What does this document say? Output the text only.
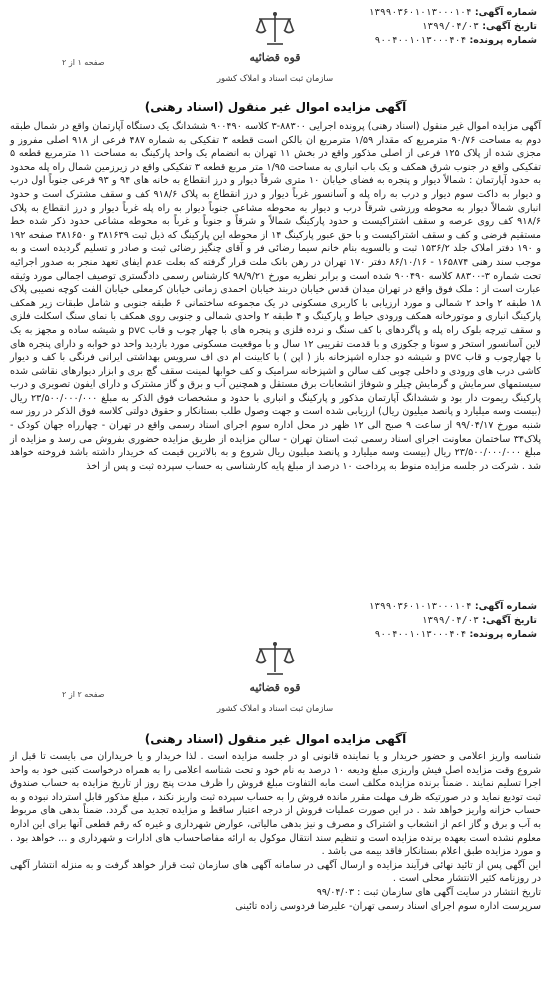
شماره آگهی: ۱۳۹۹۰۳۶۰۱۰۱۳۰۰۰۱۰۴
تاریخ آگهی: ۱۳۹۹/۰۴/۰۳
شماره پرونده: ۹۰۰۴۰۰۱۰۱۳۰۰۰۴۰۴
قوه قضائیه
سازمان ثبت اسناد و املاک کشور
صفحه ۱ از ۲
آگهی مزایده اموال غیر منقول (اسناد رهنی)

آگهی مزایده اموال غیر منقول (اسناد رهنی) پرونده اجرایی ۸۸۳۰۰-۳ کلاسه ۹۰۰۴۹۰ ششدانگ یک دستگاه آپارتمان واقع در شمال طبقه دوم به مساحت ۹۰/۷۶ مترمربع که مقدار ۱/۵۹ مترمربع ان بالکن است قطعه ۳ تفکیکی به شماره ۴۸۷ فرعی از ۹۱۸ اصلی مفروز و مجزی شده از پلاک ۱۲۵ فرعی از اصلی مذکور واقع در بخش ۱۱ تهران به انضمام یک واحد پارکینگ به مساحت ۱۱ مترمربع قطعه ۵ تفکیکی واقع در جنوب شرق همکف و یک باب انباری به مساحت ۱/۹۵ متر مربع قطعه ۳ تفکیکی واقع در زیرزمین شمال راه پله محدود به حدود آپارتمان : شمالاً دیوار و پنجره به فضای خیابان ۱۰ متری شرقاً دیوار و درز انقطاع به خانه های ۹۴ و ۹۳ فرعی جنوباً اول درب و دیوار به داکت سوم دیوار و درب به راه پله و آسانسور غرباً دیوار و درز انقطاع به پلاک ۹۱۸/۶ کف و سقف مشترک است و حدود انباری شمالاً دیوار به محوطه ورزشی شرقاً درب و دیوار به محوطه مشاعی جنوباً دیوار به راه پله غرباً دیوار و درز انقطاع به پلاک ۹۱۸/۶ کف روی عرصه و سقف اشتراکیست و حدود پارکینگ شمالاً و شرقاً و جنوباً و غرباً به محوطه مشاعی حدود ذکر شده خط مستقیم فرضی و کف و سقف اشتراکیست و با حق عبور پارکینگ ۱۴ از محوطه این پارکینگ که ذیل ثبت ۳۸۱۶۳۹ و ۳۸۱۶۵۰ صفحه ۱۹۲ و ۱۹۰ دفتر املاک جلد ۱۵۳۶/۲ ثبت و بالسویه بنام خانم سیما رضائی فر و آقای چنگیز رضائی ثبت و صادر و تسلیم گردیده است و به موجب سند رهنی ۱۶۵۸۷۴ - ۸۶/۱۰/۱۶ دفتر ۱۷۰ تهران در رهن بانک ملت قرار گرفته که بعلت عدم ایفای تعهد منجر به صدور اجرائیه تحت شماره ۳-۸۸۳۰۰ کلاسه ۹۰۰۴۹۰ شده است و برابر نظریه مورخ ۹۸/۹/۲۱ کارشناس رسمی دادگستری توصیف اجمالی مورد وثیقه عبارت است از : ملک فوق واقع در تهران میدان قدس خیابان دربند خیابان احمدی زمانی خیابان کرمعلی خیابان الفت کوچه نصیبی پلاک ۱۸ طبقه ۲ واحد ۲ شمالی و مورد ارزیابی با کاربری مسکونی در یک مجموعه ساختمانی ۶ طبقه جنوبی و شامل طبقات زیر همکف پارکینگ انباری و موتورخانه همکف ورودی حیاط و پارکینگ و ۴ طبقه ۲ واحدی شمالی و جنوبی روی همکف با نمای سنگ اسکلت فلزی و سقف تیرچه بلوک راه پله و پاگردهای با کف سنگ و نرده فلزی و پنجره های با چهار چوب و قاب pvc و شیشه ساده و مجهز به یک لاین آسانسور استخر و سونا و جکوزی و با قدمت تقریبی ۱۲ سال و با موقعیت مسکونی مورد بازدید واحد دو خوابه و دارای پنجره های با چهارچوب و قاب pvc و شیشه دو جداره اشپزخانه باز ( اپن ) با کابینت ام دی اف سرویس بهداشتی ایرانی فرنگی با کف و دیوار کاشی درب های ورودی و داخلی چوبی کف سالن و اشپزخانه سرامیک و کف خوابها لمینت سقف گچ بری و ابزار دیوارهای نقاشی شده سیستمهای سرمایش و گرمایش چیلر و شوفاژ انشعابات برق مستقل و همچنین آب و برق و گاز مشترک و دارای ایفون تصویری و درب پارکینگ ریموت دار بود و ششدانگ آپارتمان مذکور و پارکینگ و انباری با حدود و مشخصات فوق الذکر به مبلغ ۲۳/۵۰۰/۰۰۰/۰۰۰ ریال (بیست وسه میلیارد و پانصد میلیون ریال) ارزیابی شده است و جهت وصول طلب بستانکار و حقوق دولتی کلاسه فوق الذکر در روز سه شنبه مورخ ۹۹/۰۴/۱۷ از ساعت ۹ صبح الی ۱۲ ظهر در محل اداره سوم اجرای اسناد رسمی واقع در تهران - چهارراه جهان کودک - پلاک۳۴ ساختمان معاونت اجرای اسناد رسمی ثبت استان تهران - سالن مزایده از طریق مزایده حضوری بفروش می رسد و مزایده از مبلغ ۲۳/۵۰۰/۰۰۰/۰۰۰ ریال (بیست وسه میلیارد و پانصد میلیون ریال شروع و به بالاترین قیمت که خریدار داشته باشد فروخته خواهد شد . شرکت در جلسه مزایده منوط به پرداخت ۱۰ درصد از مبلغ پایه کارشناسی به حساب سپرده ثبت و پس از اخذ

شماره آگهی: ۱۳۹۹۰۳۶۰۱۰۱۳۰۰۰۱۰۴
تاریخ آگهی: ۱۳۹۹/۰۴/۰۳
شماره پرونده: ۹۰۰۴۰۰۱۰۱۳۰۰۰۴۰۴
قوه قضائیه
سازمان ثبت اسناد و املاک کشور
صفحه ۲ از ۲
آگهی مزایده اموال غیر منقول (اسناد رهنی)

شناسه واریز اعلامی و حضور خریدار و یا نماینده قانونی او در جلسه مزایده است . لذا خریدار و یا خریداران می بایست تا قبل از شروع وقت مزایده اصل فیش واریزی مبلغ ودیعه ۱۰ درصد به نام خود و تحت شناسه اعلامی را به همراه درخواست کتبی خود به واحد اجرا تسلیم نمایند . ضمناً برنده مزایده مکلف است مابه التفاوت مبلغ فروش را ظرف مدت پنج روز از تاریخ مزایده به حساب صندوق ثبت تودیع نماید و در صورتیکه ظرف مهلت مقرر مانده فروش را به حساب سپرده ثبت واریز نکند ، مبلغ مذکور قابل استرداد نبوده و به حساب خزانه واریز خواهد شد . در این صورت عملیات فروش از درجه اعتبار ساقط و مزایده تجدید می گردد. ضمناً بدهی های مربوط به آب و برق و گاز اعم از انشعاب و اشتراک و مصرف و نیز بدهی مالیاتی، عوارض شهرداری و غیره که رقم قطعی آنها برای این اداره معلوم نشده است بعهده برنده مزایده است و تنظیم سند انتقال موکول به ارائه مفاصاحساب های ادارات و شهرداری و ... خواهد بود . و مورد مزایده طبق اعلام بستانکار فاقد بیمه می باشد .

این آگهی پس از تائید نهائی فرآیند مزایده و ارسال آگهی در سامانه آگهی های سازمان ثبت قرار خواهد گرفت و به منزله انتشار آگهی در روزنامه کثیر الانتشار محلی است .

تاریخ انتشار در سایت آگهی های سازمان ثبت : ۹۹/۰۴/۰۳

سرپرست اداره سوم اجرای اسناد رسمی تهران- علیرضا فردوسی زاده تائینی
